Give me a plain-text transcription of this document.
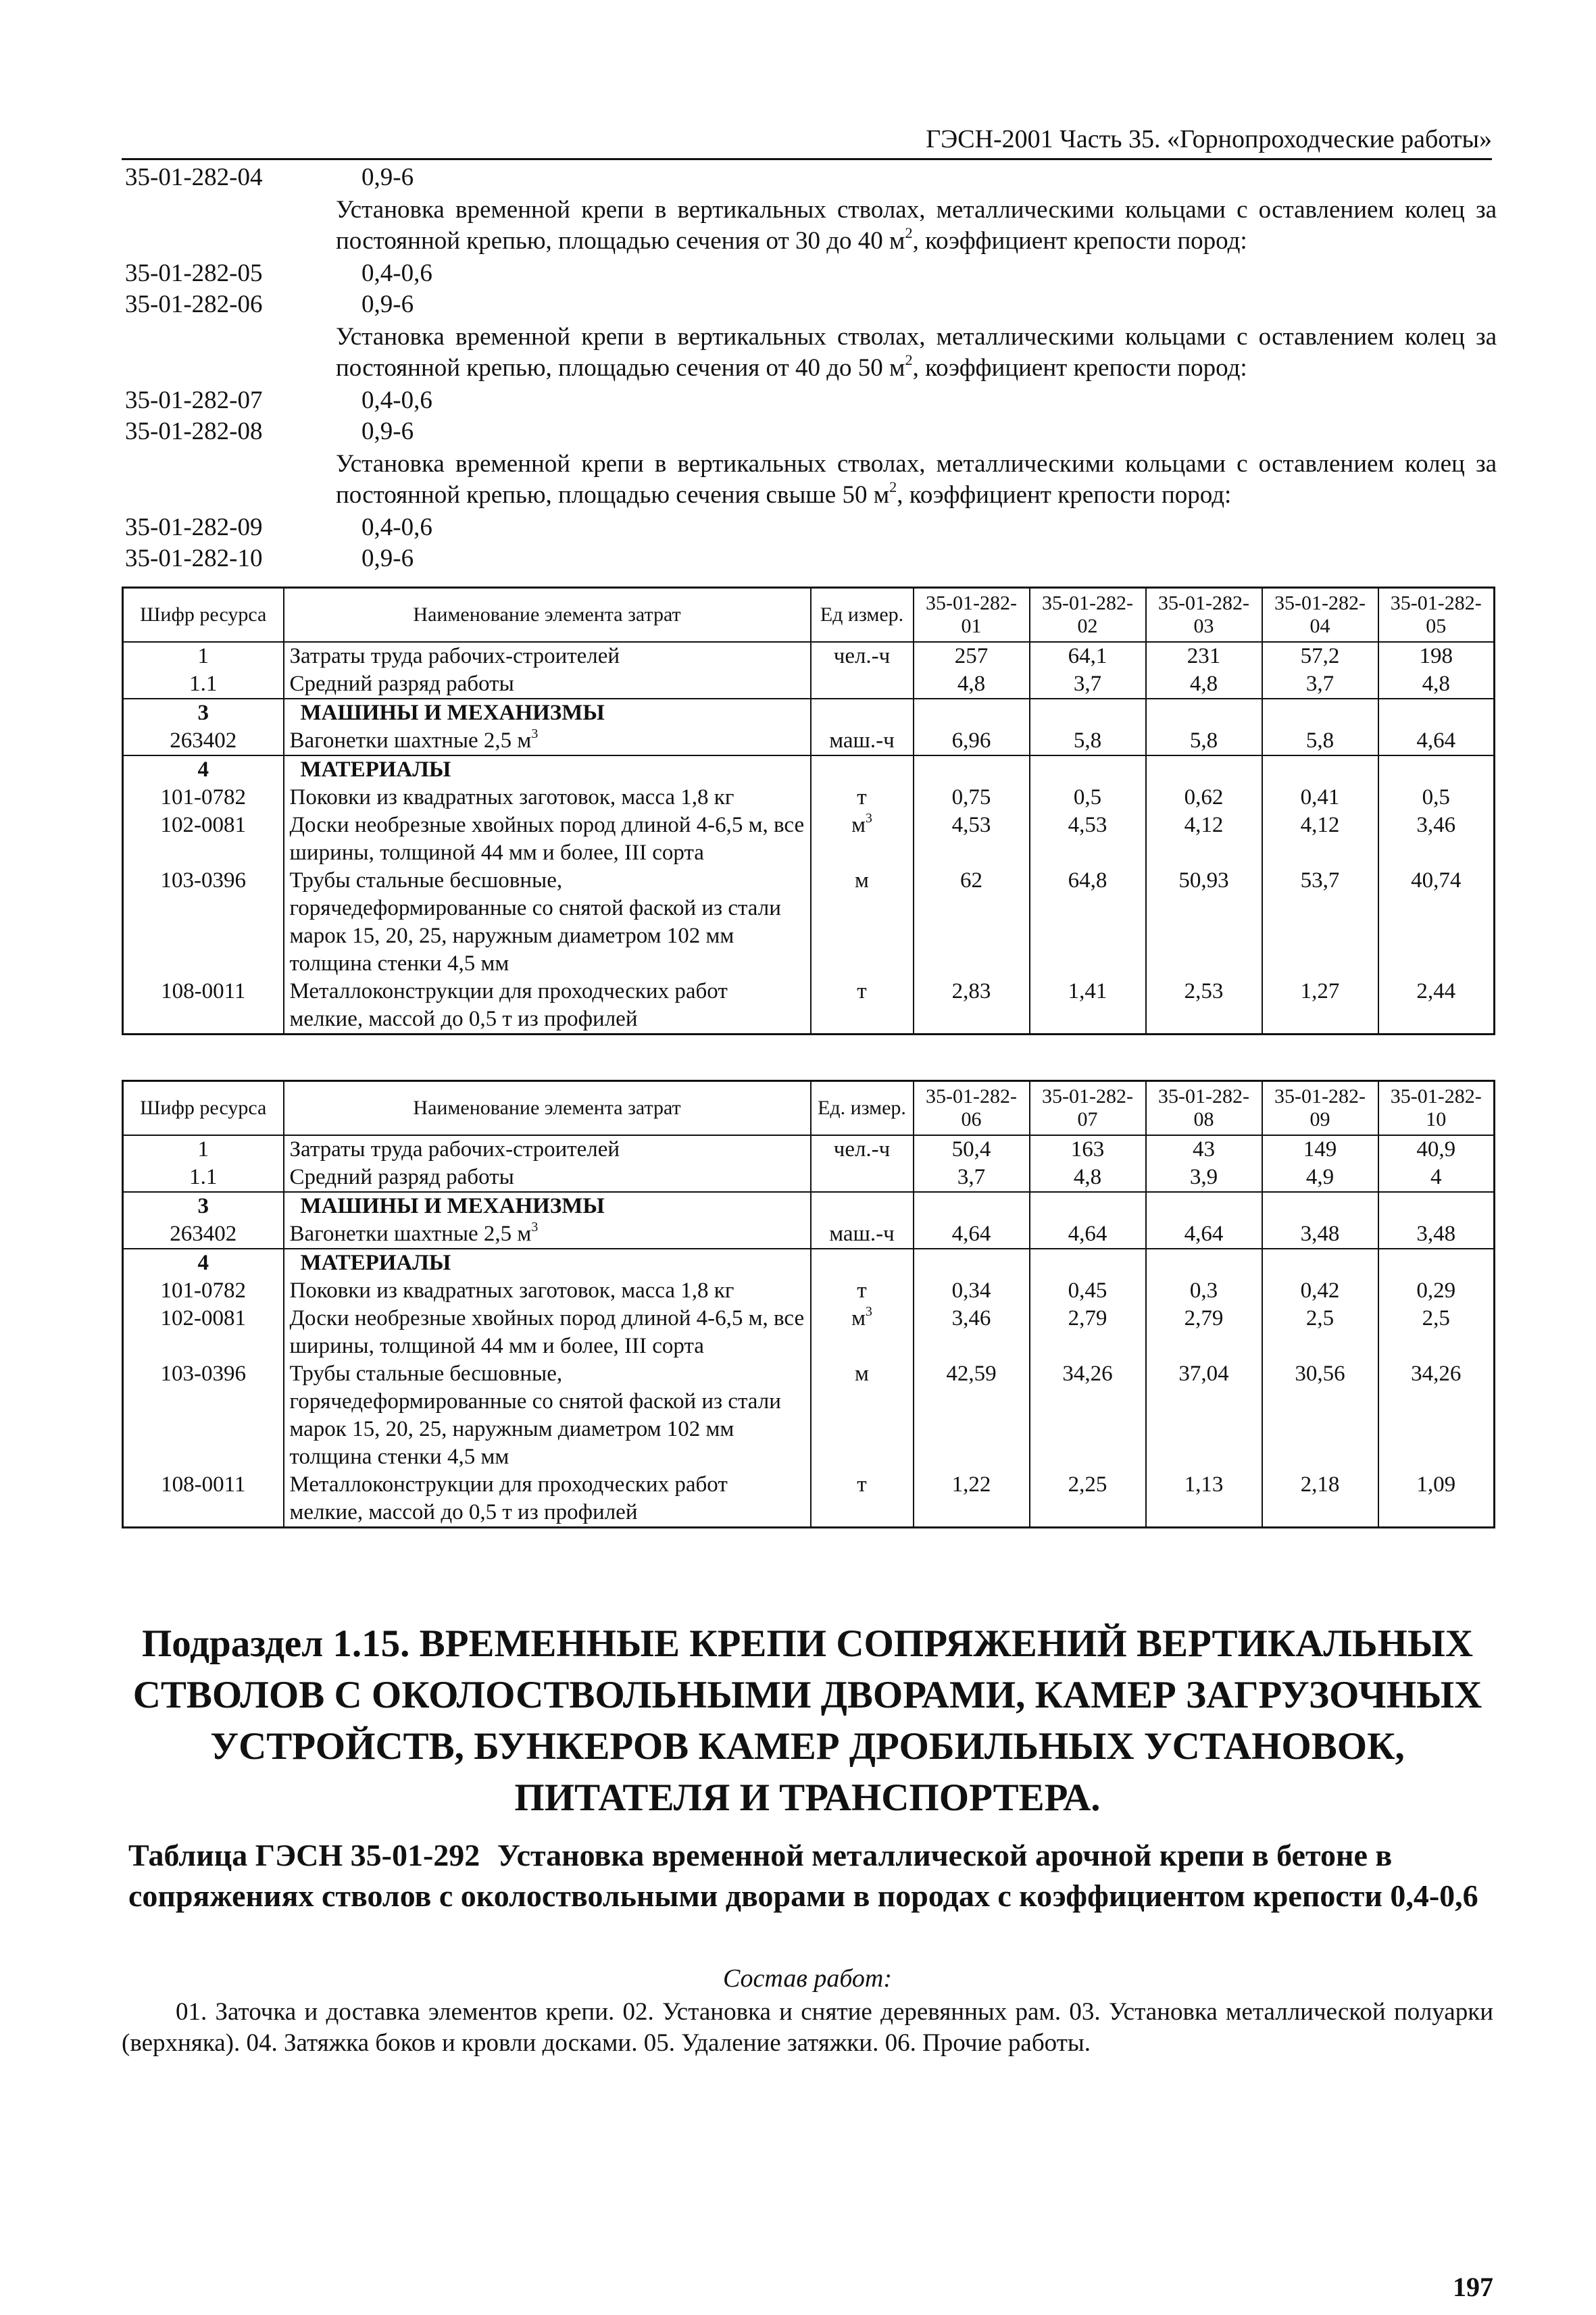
ГЭСН-2001 Часть 35. «Горнопроходческие работы»
35-01-282-04	0,9-6
Установка временной крепи в вертикальных стволах, металлическими кольцами с оставлением колец за постоянной крепью, площадью сечения от 30 до 40 $м^2$, коэффициент крепости пород:
35-01-282-05	0,4-0,6
35-01-282-06	0,9-6
Установка временной крепи в вертикальных стволах, металлическими кольцами с оставлением колец за постоянной крепью, площадью сечения от 40 до 50 $м^2$, коэффициент крепости пород:
35-01-282-07	0,4-0,6
35-01-282-08	0,9-6
Установка временной крепи в вертикальных стволах, металлическими кольцами с оставлением колец за постоянной крепью, площадью сечения свыше 50 $м^2$, коэффициент крепости пород:
35-01-282-09	0,4-0,6
35-01-282-10	0,9-6
Шифр ресурса	Наименование элемента затрат	Ед измер.	35-01-282-01	35-01-282-02	35-01-282-03	35-01-282-04	35-01-282-05
1	Затраты труда рабочих-строителей	чел.-ч	257	64,1	231	57,2	198
1.1	Средний разряд работы		4,8	3,7	4,8	3,7	4,8
3	МАШИНЫ И МЕХАНИЗМЫ						
263402	Вагонетки шахтные 2,5 $м^3$	маш.-ч	6,96	5,8	5,8	5,8	4,64
4	МАТЕРИАЛЫ						
101-0782	Поковки из квадратных заготовок, масса 1,8 кг	т	0,75	0,5	0,62	0,41	0,5
102-0081	Доски необрезные хвойных пород длиной 4-6,5 м, все ширины, толщиной 44 мм и более, III сорта	$м^3$	4,53	4,53	4,12	4,12	3,46
103-0396	Трубы стальные бесшовные, горячедеформированные со снятой фаской из стали марок 15, 20, 25, наружным диаметром 102 мм толщина стенки 4,5 мм	м	62	64,8	50,93	53,7	40,74
108-0011	Металлоконструкции для проходческих работ мелкие, массой до 0,5 т из профилей	т	2,83	1,41	2,53	1,27	2,44
Шифр ресурса	Наименование элемента затрат	Ед. измер.	35-01-282-06	35-01-282-07	35-01-282-08	35-01-282-09	35-01-282-10
1	Затраты труда рабочих-строителей	чел.-ч	50,4	163	43	149	40,9
1.1	Средний разряд работы		3,7	4,8	3,9	4,9	4
3	МАШИНЫ И МЕХАНИЗМЫ						
263402	Вагонетки шахтные 2,5 $м^3$	маш.-ч	4,64	4,64	4,64	3,48	3,48
4	МАТЕРИАЛЫ						
101-0782	Поковки из квадратных заготовок, масса 1,8 кг	т	0,34	0,45	0,3	0,42	0,29
102-0081	Доски необрезные хвойных пород длиной 4-6,5 м, все ширины, толщиной 44 мм и более, III сорта	$м^3$	3,46	2,79	2,79	2,5	2,5
103-0396	Трубы стальные бесшовные, горячедеформированные со снятой фаской из стали марок 15, 20, 25, наружным диаметром 102 мм толщина стенки 4,5 мм	м	42,59	34,26	37,04	30,56	34,26
108-0011	Металлоконструкции для проходческих работ мелкие, массой до 0,5 т из профилей	т	1,22	2,25	1,13	2,18	1,09
Подраздел 1.15. ВРЕМЕННЫЕ КРЕПИ СОПРЯЖЕНИЙ ВЕРТИКАЛЬНЫХ СТВОЛОВ С ОКОЛОСТВОЛЬНЫМИ ДВОРАМИ, КАМЕР ЗАГРУЗОЧНЫХ УСТРОЙСТВ, БУНКЕРОВ КАМЕР ДРОБИЛЬНЫХ УСТАНОВОК, ПИТАТЕЛЯ И ТРАНСПОРТЕРА.
Таблица ГЭСН 35-01-292 Установка временной металлической арочной крепи в бетоне в сопряжениях стволов с околоствольными дворами в породах с коэффициентом крепости 0,4-0,6
Состав работ:
01. Заточка и доставка элементов крепи. 02. Установка и снятие деревянных рам. 03. Установка металлической полуарки (верхняка). 04. Затяжка боков и кровли досками. 05. Удаление затяжки. 06. Прочие работы.
197
